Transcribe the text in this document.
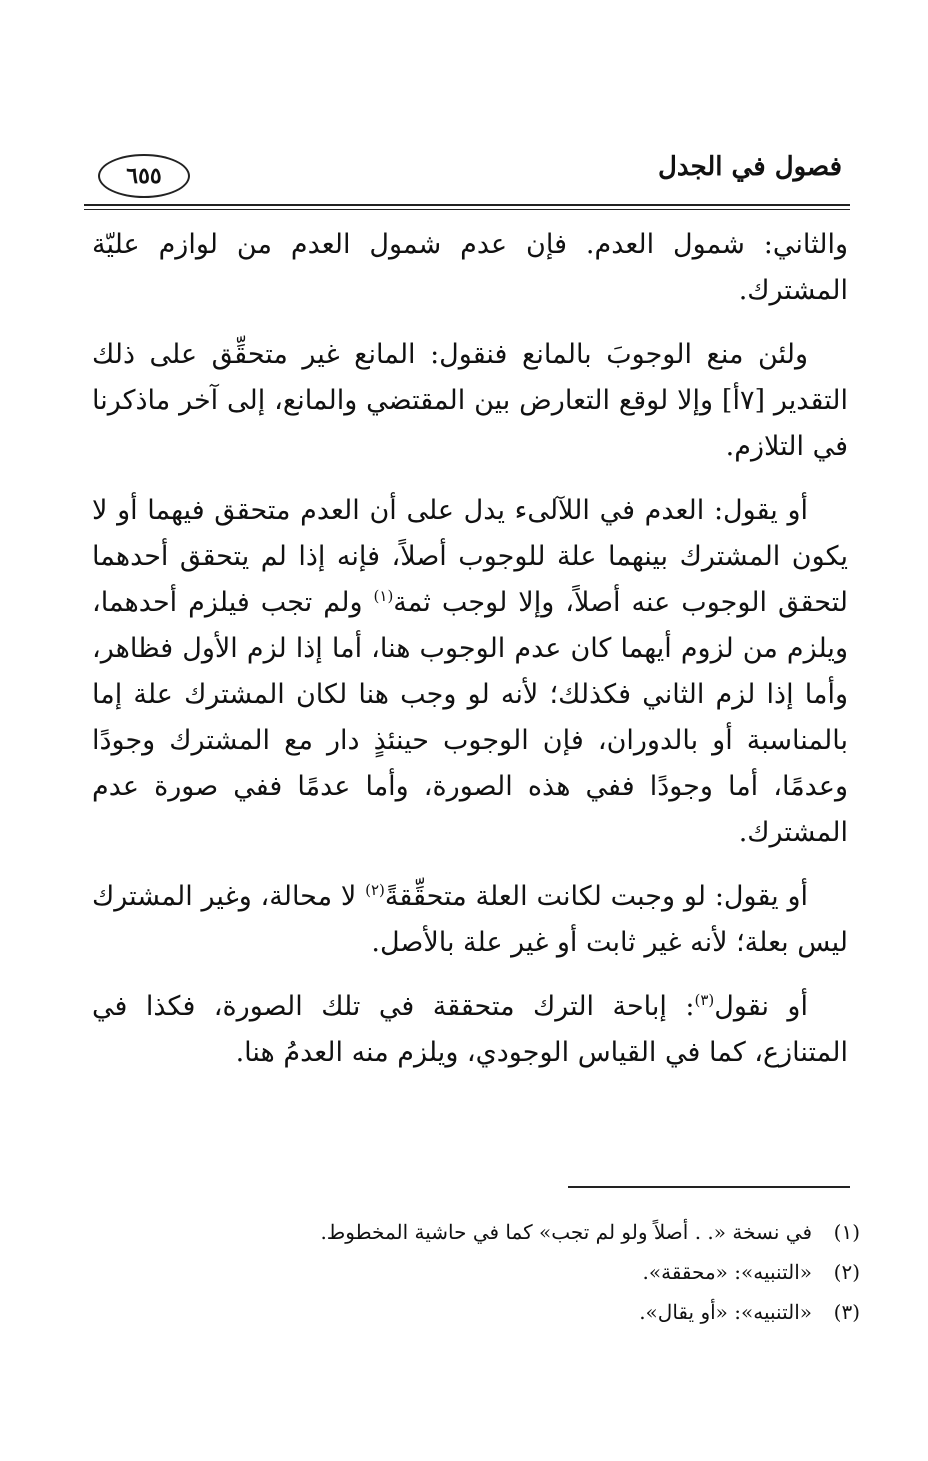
فصول في الجدل
٦٥٥

والثاني: شمول العدم. فإن عدم شمول العدم من لوازم عليّة المشترك.

ولئن منع الوجوبَ بالمانع فنقول: المانع غير متحقِّق على ذلك التقدير [٧أ] وإلا لوقع التعارض بين المقتضي والمانع، إلى آخر ماذكرنا في التلازم.

أو يقول: العدم في اللآلىء يدل على أن العدم متحقق فيهما أو لا يكون المشترك بينهما علة للوجوب أصلاً، فإنه إذا لم يتحقق أحدهما لتحقق الوجوب عنه أصلاً، وإلا لوجب ثمة$^{(١)}$ ولم تجب فيلزم أحدهما، ويلزم من لزوم أيهما كان عدم الوجوب هنا، أما إذا لزم الأول فظاهر، وأما إذا لزم الثاني فكذلك؛ لأنه لو وجب هنا لكان المشترك علة إما بالمناسبة أو بالدوران، فإن الوجوب حينئذٍ دار مع المشترك وجودًا وعدمًا، أما وجودًا ففي هذه الصورة، وأما عدمًا ففي صورة عدم المشترك.

أو يقول: لو وجبت لكانت العلة متحقِّقةً$^{(٢)}$ لا محالة، وغير المشترك ليس بعلة؛ لأنه غير ثابت أو غير علة بالأصل.

أو نقول$^{(٣)}$: إباحة الترك متحققة في تلك الصورة، فكذا في المتنازع، كما في القياس الوجودي، ويلزم منه العدمُ هنا.

(١)
في نسخة «. . أصلاً ولو لم تجب» كما في حاشية المخطوط.
(٢)
«التنبيه»: «محققة».
(٣)
«التنبيه»: «أو يقال».
